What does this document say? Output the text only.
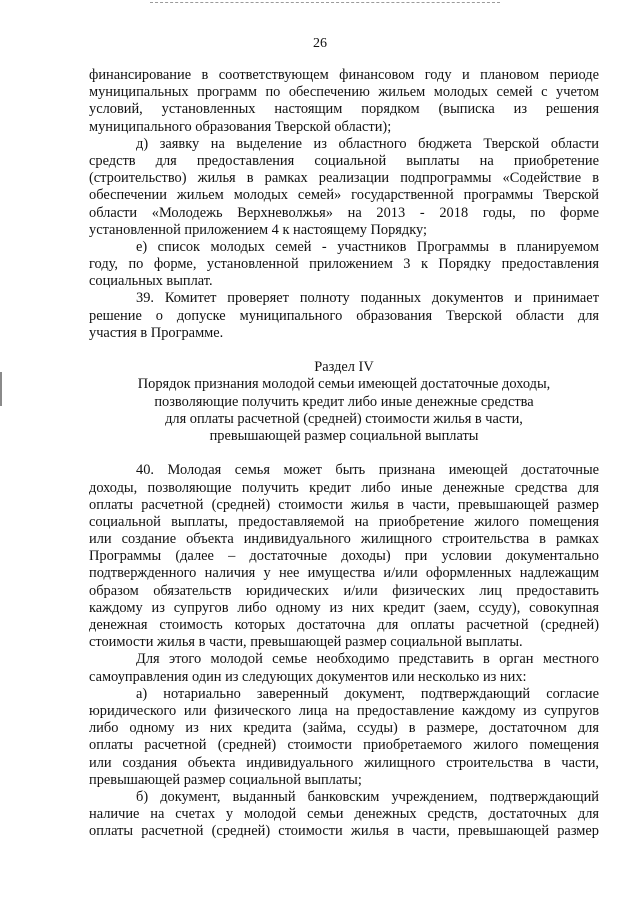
26
финансирование в соответствующем финансовом году и плановом периоде
муниципальных программ по обеспечению жильем молодых семей с учетом
условий, установленных настоящим порядком (выписка из решения
муниципального образования Тверской области);
д) заявку на выделение из областного бюджета Тверской области
средств для предоставления социальной выплаты на приобретение
(строительство) жилья в рамках реализации подпрограммы «Содействие в
обеспечении жильем молодых семей» государственной программы Тверской
области «Молодежь Верхневолжья» на 2013 - 2018 годы, по форме
установленной приложением 4 к настоящему Порядку;
е) список молодых семей - участников Программы в планируемом
году, по форме, установленной приложением 3 к Порядку предоставления
социальных выплат.
39. Комитет проверяет полноту поданных документов и принимает
решение о допуске муниципального образования Тверской области для
участия в Программе.
Раздел IV
Порядок признания молодой семьи имеющей достаточные доходы,
позволяющие получить кредит либо иные денежные средства
для оплаты расчетной (средней) стоимости жилья в части,
превышающей размер социальной выплаты
40. Молодая семья может быть признана имеющей достаточные
доходы, позволяющие получить кредит либо иные денежные средства для
оплаты расчетной (средней) стоимости жилья в части, превышающей размер
социальной выплаты, предоставляемой на приобретение жилого помещения
или создание объекта индивидуального жилищного строительства в рамках
Программы (далее – достаточные доходы) при условии документально
подтвержденного наличия у нее имущества и/или оформленных надлежащим
образом обязательств юридических и/или физических лиц предоставить
каждому из супругов либо одному из них кредит (заем, ссуду), совокупная
денежная стоимость которых достаточна для оплаты расчетной (средней)
стоимости жилья в части, превышающей размер социальной выплаты.
Для этого молодой семье необходимо представить в орган местного
самоуправления один из следующих документов или несколько из них:
а) нотариально заверенный документ, подтверждающий согласие
юридического или физического лица на предоставление каждому из супругов
либо одному из них кредита (займа, ссуды) в размере, достаточном для
оплаты расчетной (средней) стоимости приобретаемого жилого помещения
или создания объекта индивидуального жилищного строительства в части,
превышающей размер социальной выплаты;
б) документ, выданный банковским учреждением, подтверждающий
наличие на счетах у молодой семьи денежных средств, достаточных для
оплаты расчетной (средней) стоимости жилья в части, превышающей размер
